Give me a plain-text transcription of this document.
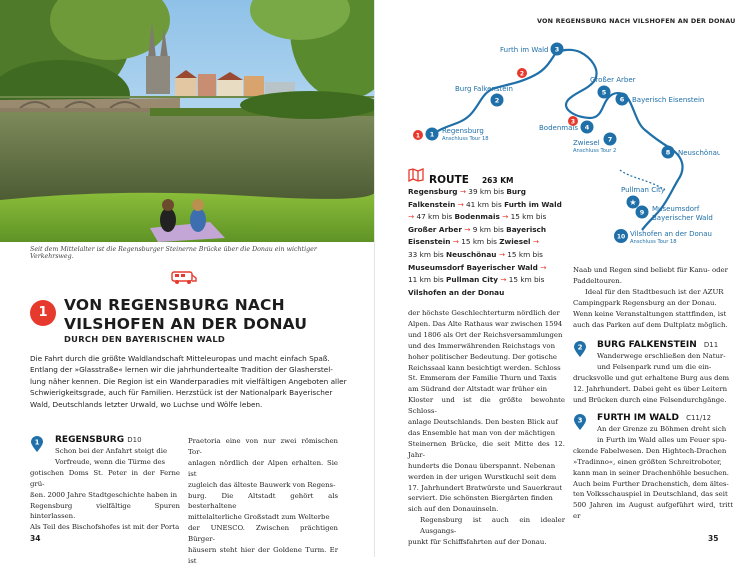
Seit dem Mittelalter ist die Regensburger Steinerne Brücke über die Donau ein wichtiger Verkehrsweg.
1	VON REGENSBURG NACH
VILSHOFEN AN DER DONAU
DURCH DEN BAYERISCHEN WALD
Die Fahrt durch die größte Waldlandschaft Mitteleuropas und macht einfach Spaß.
Entlang der »Glasstraße« lernen wir die jahrhundertealte Tradition der Glasherstel-
lung näher kennen. Die Region ist ein Wanderparadies mit vielfältigen Angeboten aller
Schwierigkeitsgrade, auch für Familien. Herzstück ist der Nationalpark Bayerischer
Wald, Deutschlands letzter Urwald, wo Luchse und Wölfe leben.
1 REGENSBURG D10
Schon bei der Anfahrt steigt die
Vorfreude, wenn die Türme des
gotischen Doms St. Peter in der Ferne grü-
ßen. 2000 Jahre Stadtgeschichte haben in
Regensburg vielfältige Spuren hinterlassen.
Als Teil des Bischofshofes ist mit der Porta
Praetoria eine von nur zwei römischen Tor-
anlagen nördlich der Alpen erhalten. Sie ist
zugleich das älteste Bauwerk von Regens-
burg. Die Altstadt gehört als besterhaltene
mittelalterliche Großstadt zum Welterbe
der UNESCO. Zwischen prächtigen Bürger-
häusern steht hier der Goldene Turm. Er ist
34
VON REGENSBURG NACH VILSHOFEN AN DER DONAU
1
2
3
1 Regensburg
Anschluss Tour 18
2
Burg Falkenstein
3
Furth im Wald
4
Bodenmais
5
Großer Arber
6 Bayerisch Eisenstein
7
Zwiesel
Anschluss Tour 2	8 Neuschönau
9 Museumsdorf
Bayerischer Wald
10 Vilshofen an der Donau
Anschluss Tour 18
★
Pullman City
ROUTE 263 KM
Regensburg → 39 km bis Burg
Falkenstein → 41 km bis Furth im Wald
→ 47 km bis Bodenmais → 15 km bis
Großer Arber → 9 km bis Bayerisch
Eisenstein → 15 km bis Zwiesel →
33 km bis Neuschönau → 15 km bis
Museumsdorf Bayerischer Wald →
11 km bis Pullman City → 15 km bis
Vilshofen an der Donau
der höchste Geschlechterturm nördlich der
Alpen. Das Alte Rathaus war zwischen 1594
und 1806 als Ort der Reichsversammlungen
und des Immerwährenden Reichstags von
hoher politischer Bedeutung. Der gotische
Reichssaal kann besichtigt werden. Schloss
St. Emmeram der Familie Thurn und Taxis
am Südrand der Altstadt war früher ein
Kloster und ist die größte bewohnte Schloss-
anlage Deutschlands. Den besten Blick auf
das Ensemble hat man von der mächtigen
Steinernen Brücke, die seit Mitte des 12. Jahr-
hunderts die Donau überspannt. Nebenan
werden in der urigen Wurstkuchl seit dem
17. Jahrhundert Bratwürste und Sauerkraut
serviert. Die schönsten Biergärten finden
sich auf den Donauinseln.
Regensburg ist auch ein idealer Ausgangs-
punkt für Schiffsfahrten auf der Donau.
Naab und Regen sind beliebt für Kanu- oder
Paddeltouren.
Ideal für den Stadtbesuch ist der AZUR
Campingpark Regensburg an der Donau.
Wenn keine Veranstaltungen stattfinden, ist
auch das Parken auf dem Dultplatz möglich.
2 BURG FALKENSTEIN D11
Wanderwege erschließen den Natur-
und Felsenpark rund um die ein-
drucksvolle und gut erhaltene Burg aus dem
12. Jahrhundert. Dabei geht es über Leitern
und Brücken durch eine Felsendurchgänge.
3 FURTH IM WALD C11/12
An der Grenze zu Böhmen dreht sich
in Furth im Wald alles um Feuer spu-
ckende Fabelwesen. Den Hightech-Drachen
»Tradinno«, einen größten Schreitroboter,
kann man in seiner Drachenhöhle besuchen.
Auch beim Further Drachenstich, dem ältes-
ten Volksschauspiel in Deutschland, das seit
500 Jahren im August aufgeführt wird, tritt er
35
